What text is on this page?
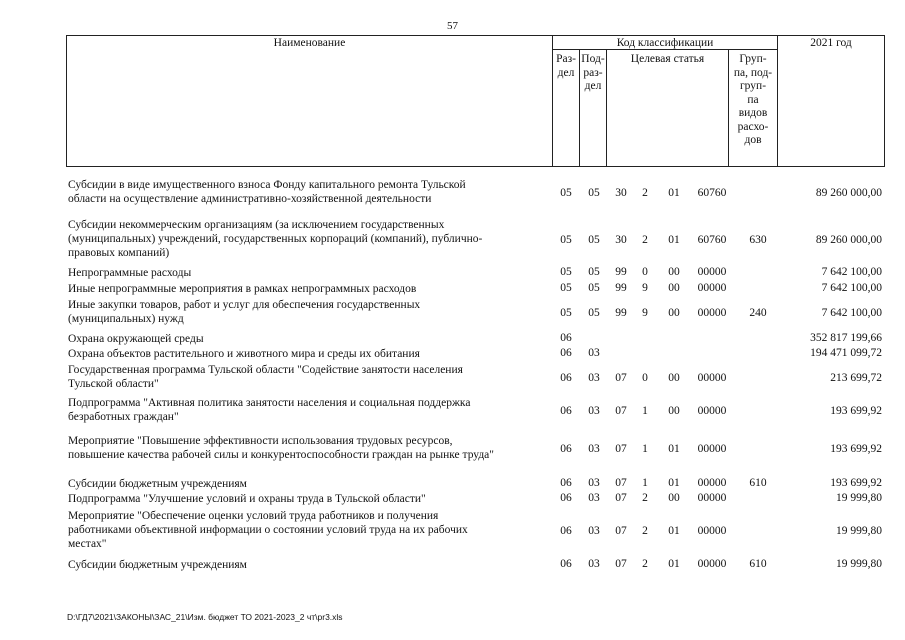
57
Наименование	Код классификации	2021 год
Раз-
дел
Под-
раз-
дел
Целевая статья	Груп-
па, под-
груп-
па
видов
расхо-
дов
Субсидии в виде имущественного взноса Фонду капитального ремонта Тульской
области на осуществление административно-хозяйственной деятельности	05	05	30	2	01	60760	89 260 000,00
Субсидии некоммерческим организациям (за исключением государственных
(муниципальных) учреждений, государственных корпораций (компаний), публично-
правовых компаний)
05	05	30	2	01	60760	630	89 260 000,00
Непрограммные расходы	05	05	99	0	00	00000	7 642 100,00
Иные непрограммные мероприятия в рамках непрограммных расходов	05	05	99	9	00	00000	7 642 100,00
Иные закупки товаров, работ и услуг для обеспечения государственных
(муниципальных) нужд	05	05	99	9	00	00000	240	7 642 100,00
Охрана окружающей среды	06	352 817 199,66
Охрана объектов растительного и животного мира и среды их обитания	06	03	194 471 099,72
Государственная программа Тульской области "Содействие занятости населения
Тульской области"	06	03	07	0	00	00000	213 699,72
Подпрограмма "Активная политика занятости населения и социальная поддержка
безработных граждан"	06	03	07	1	00	00000	193 699,92
Мероприятие "Повышение эффективности использования трудовых ресурсов,
повышение качества рабочей силы и конкурентоспособности граждан на рынке труда"	06	03	07	1	01	00000	193 699,92
Субсидии бюджетным учреждениям	06	03	07	1	01	00000	610	193 699,92
Подпрограмма "Улучшение условий и охраны труда в Тульской области"	06	03	07	2	00	00000	19 999,80
Мероприятие "Обеспечение оценки условий труда работников и получения
работниками объективной информации о состоянии условий труда на их рабочих
местах"
06	03	07	2	01	00000	19 999,80
Субсидии бюджетным учреждениям	06	03	07	2	01	00000	610	19 999,80
D:\ГД7\2021\ЗАКОНЫ\ЗАС_21\Изм. бюджет ТО 2021-2023_2 чт\pr3.xls
